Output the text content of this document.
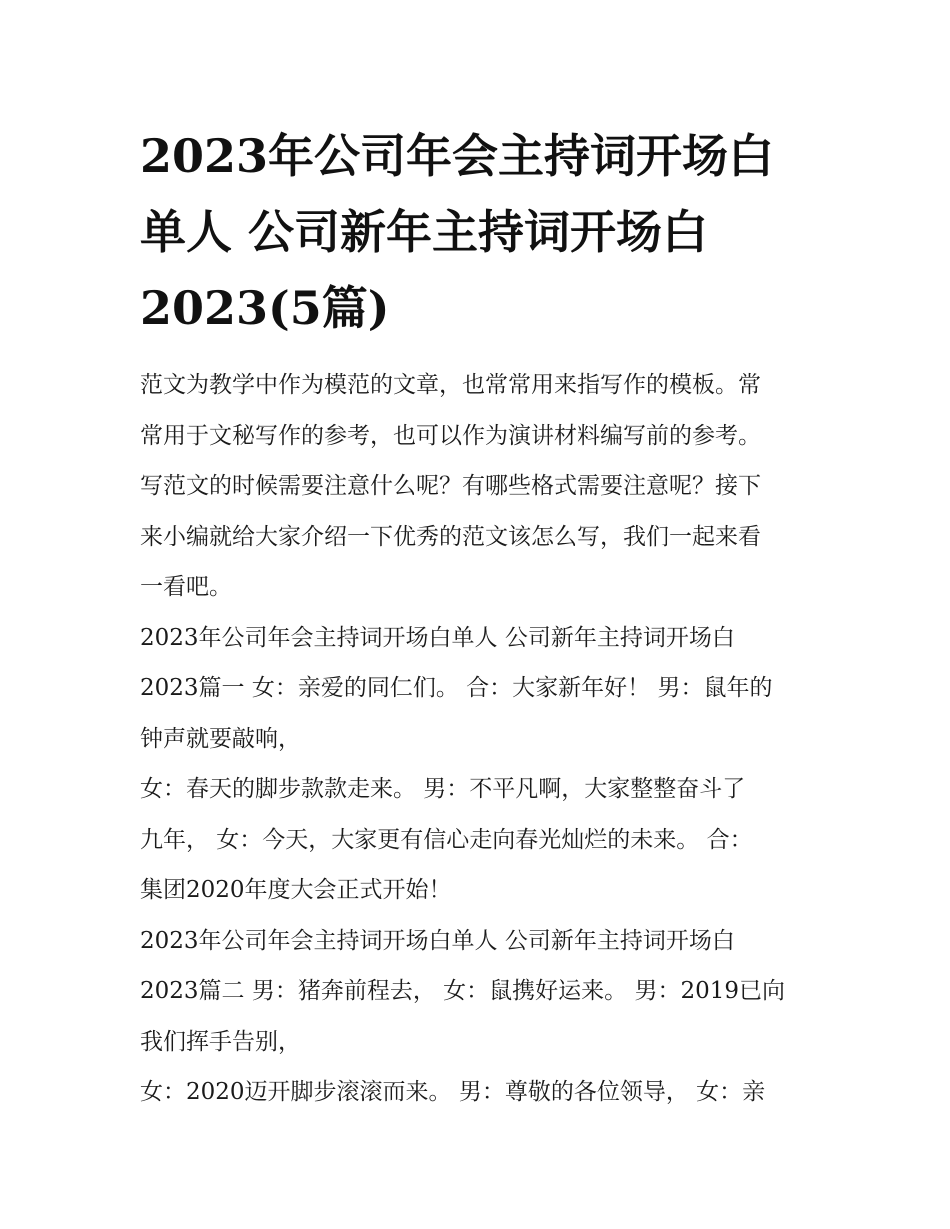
2023年公司年会主持词开场白
单人 公司新年主持词开场白
2023(5篇)

范文为教学中作为模范的文章，也常常用来指写作的模板。常
常用于文秘写作的参考，也可以作为演讲材料编写前的参考。
写范文的时候需要注意什么呢？有哪些格式需要注意呢？接下
来小编就给大家介绍一下优秀的范文该怎么写，我们一起来看
一看吧。

2023年公司年会主持词开场白单人 公司新年主持词开场白
2023篇一 女：亲爱的同仁们。 合：大家新年好！ 男：鼠年的
钟声就要敲响，

女：春天的脚步款款走来。 男：不平凡啊，大家整整奋斗了
九年， 女：今天，大家更有信心走向春光灿烂的未来。 合：
集团2020年度大会正式开始！

2023年公司年会主持词开场白单人 公司新年主持词开场白
2023篇二 男：猪奔前程去， 女：鼠携好运来。 男：2019已向
我们挥手告别，

女：2020迈开脚步滚滚而来。 男：尊敬的各位领导， 女：亲
